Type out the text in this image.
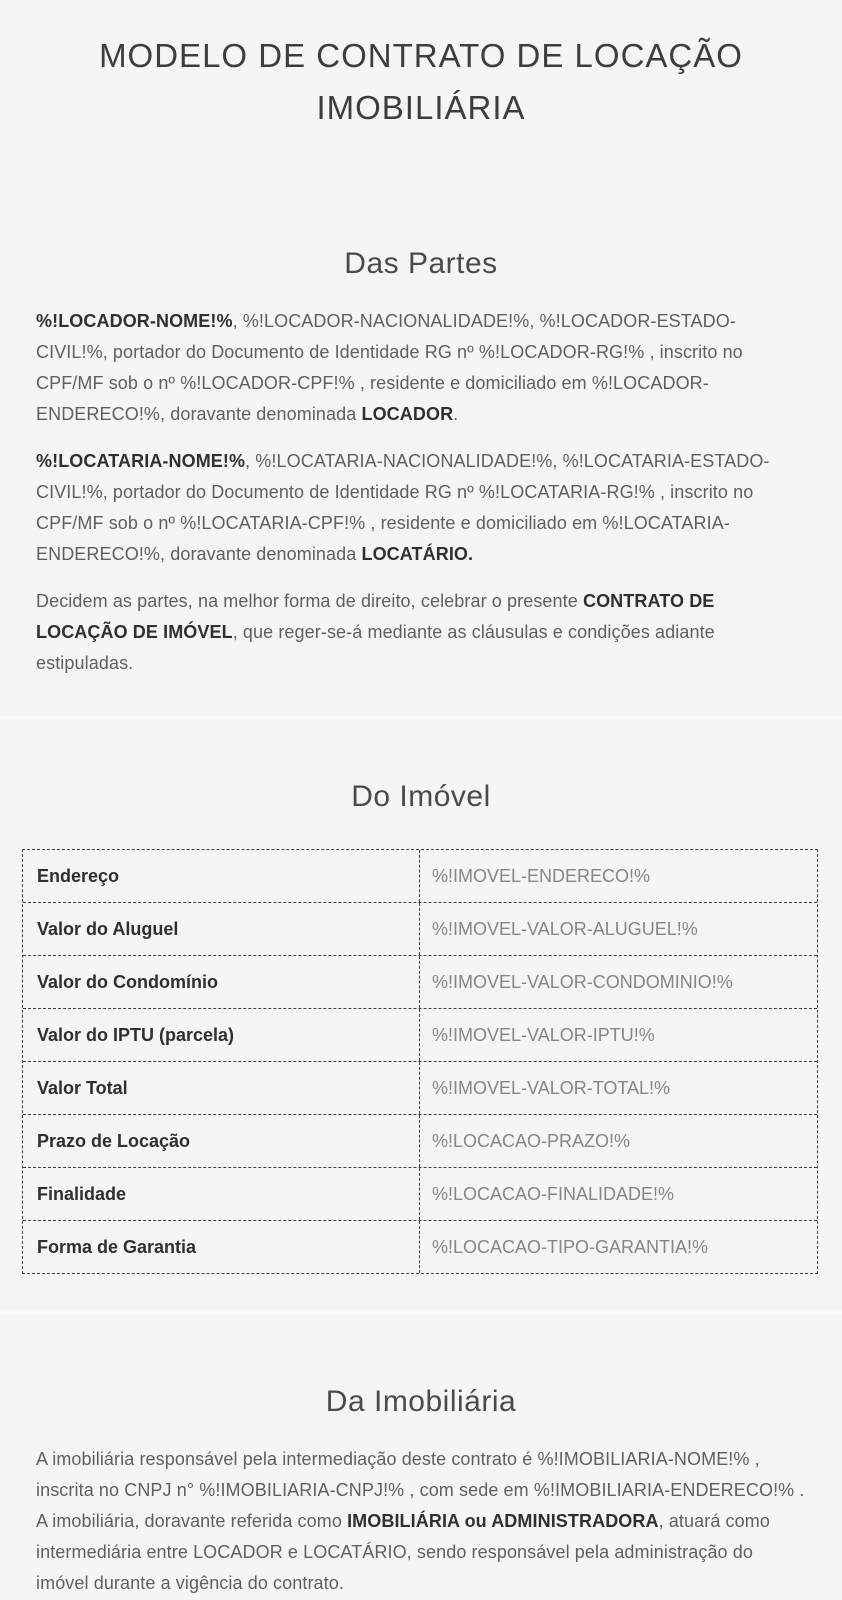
MODELO DE CONTRATO DE LOCAÇÃO IMOBILIÁRIA
Das Partes

%!LOCADOR-NOME!%, %!LOCADOR-NACIONALIDADE!%, %!LOCADOR-ESTADO-CIVIL!%, portador do Documento de Identidade RG nº %!LOCADOR-RG!% , inscrito no CPF/MF sob o nº %!LOCADOR-CPF!% , residente e domiciliado em %!LOCADOR-ENDERECO!%, doravante denominada LOCADOR.

%!LOCATARIA-NOME!%, %!LOCATARIA-NACIONALIDADE!%, %!LOCATARIA-ESTADO-CIVIL!%, portador do Documento de Identidade RG nº %!LOCATARIA-RG!% , inscrito no CPF/MF sob o nº %!LOCATARIA-CPF!% , residente e domiciliado em %!LOCATARIA-ENDERECO!%, doravante denominada LOCATÁRIO.

Decidem as partes, na melhor forma de direito, celebrar o presente CONTRATO DE LOCAÇÃO DE IMÓVEL, que reger-se-á mediante as cláusulas e condições adiante estipuladas.

Do Imóvel
Endereço	%!IMOVEL-ENDERECO!%
Valor do Aluguel	%!IMOVEL-VALOR-ALUGUEL!%
Valor do Condomínio	%!IMOVEL-VALOR-CONDOMINIO!%
Valor do IPTU (parcela)	%!IMOVEL-VALOR-IPTU!%
Valor Total	%!IMOVEL-VALOR-TOTAL!%
Prazo de Locação	%!LOCACAO-PRAZO!%
Finalidade	%!LOCACAO-FINALIDADE!%
Forma de Garantia	%!LOCACAO-TIPO-GARANTIA!%
Da Imobiliária

A imobiliária responsável pela intermediação deste contrato é %!IMOBILIARIA-NOME!% , inscrita no CNPJ n° %!IMOBILIARIA-CNPJ!% , com sede em %!IMOBILIARIA-ENDERECO!% . A imobiliária, doravante referida como IMOBILIÁRIA ou ADMINISTRADORA, atuará como intermediária entre LOCADOR e LOCATÁRIO, sendo responsável pela administração do imóvel durante a vigência do contrato.
